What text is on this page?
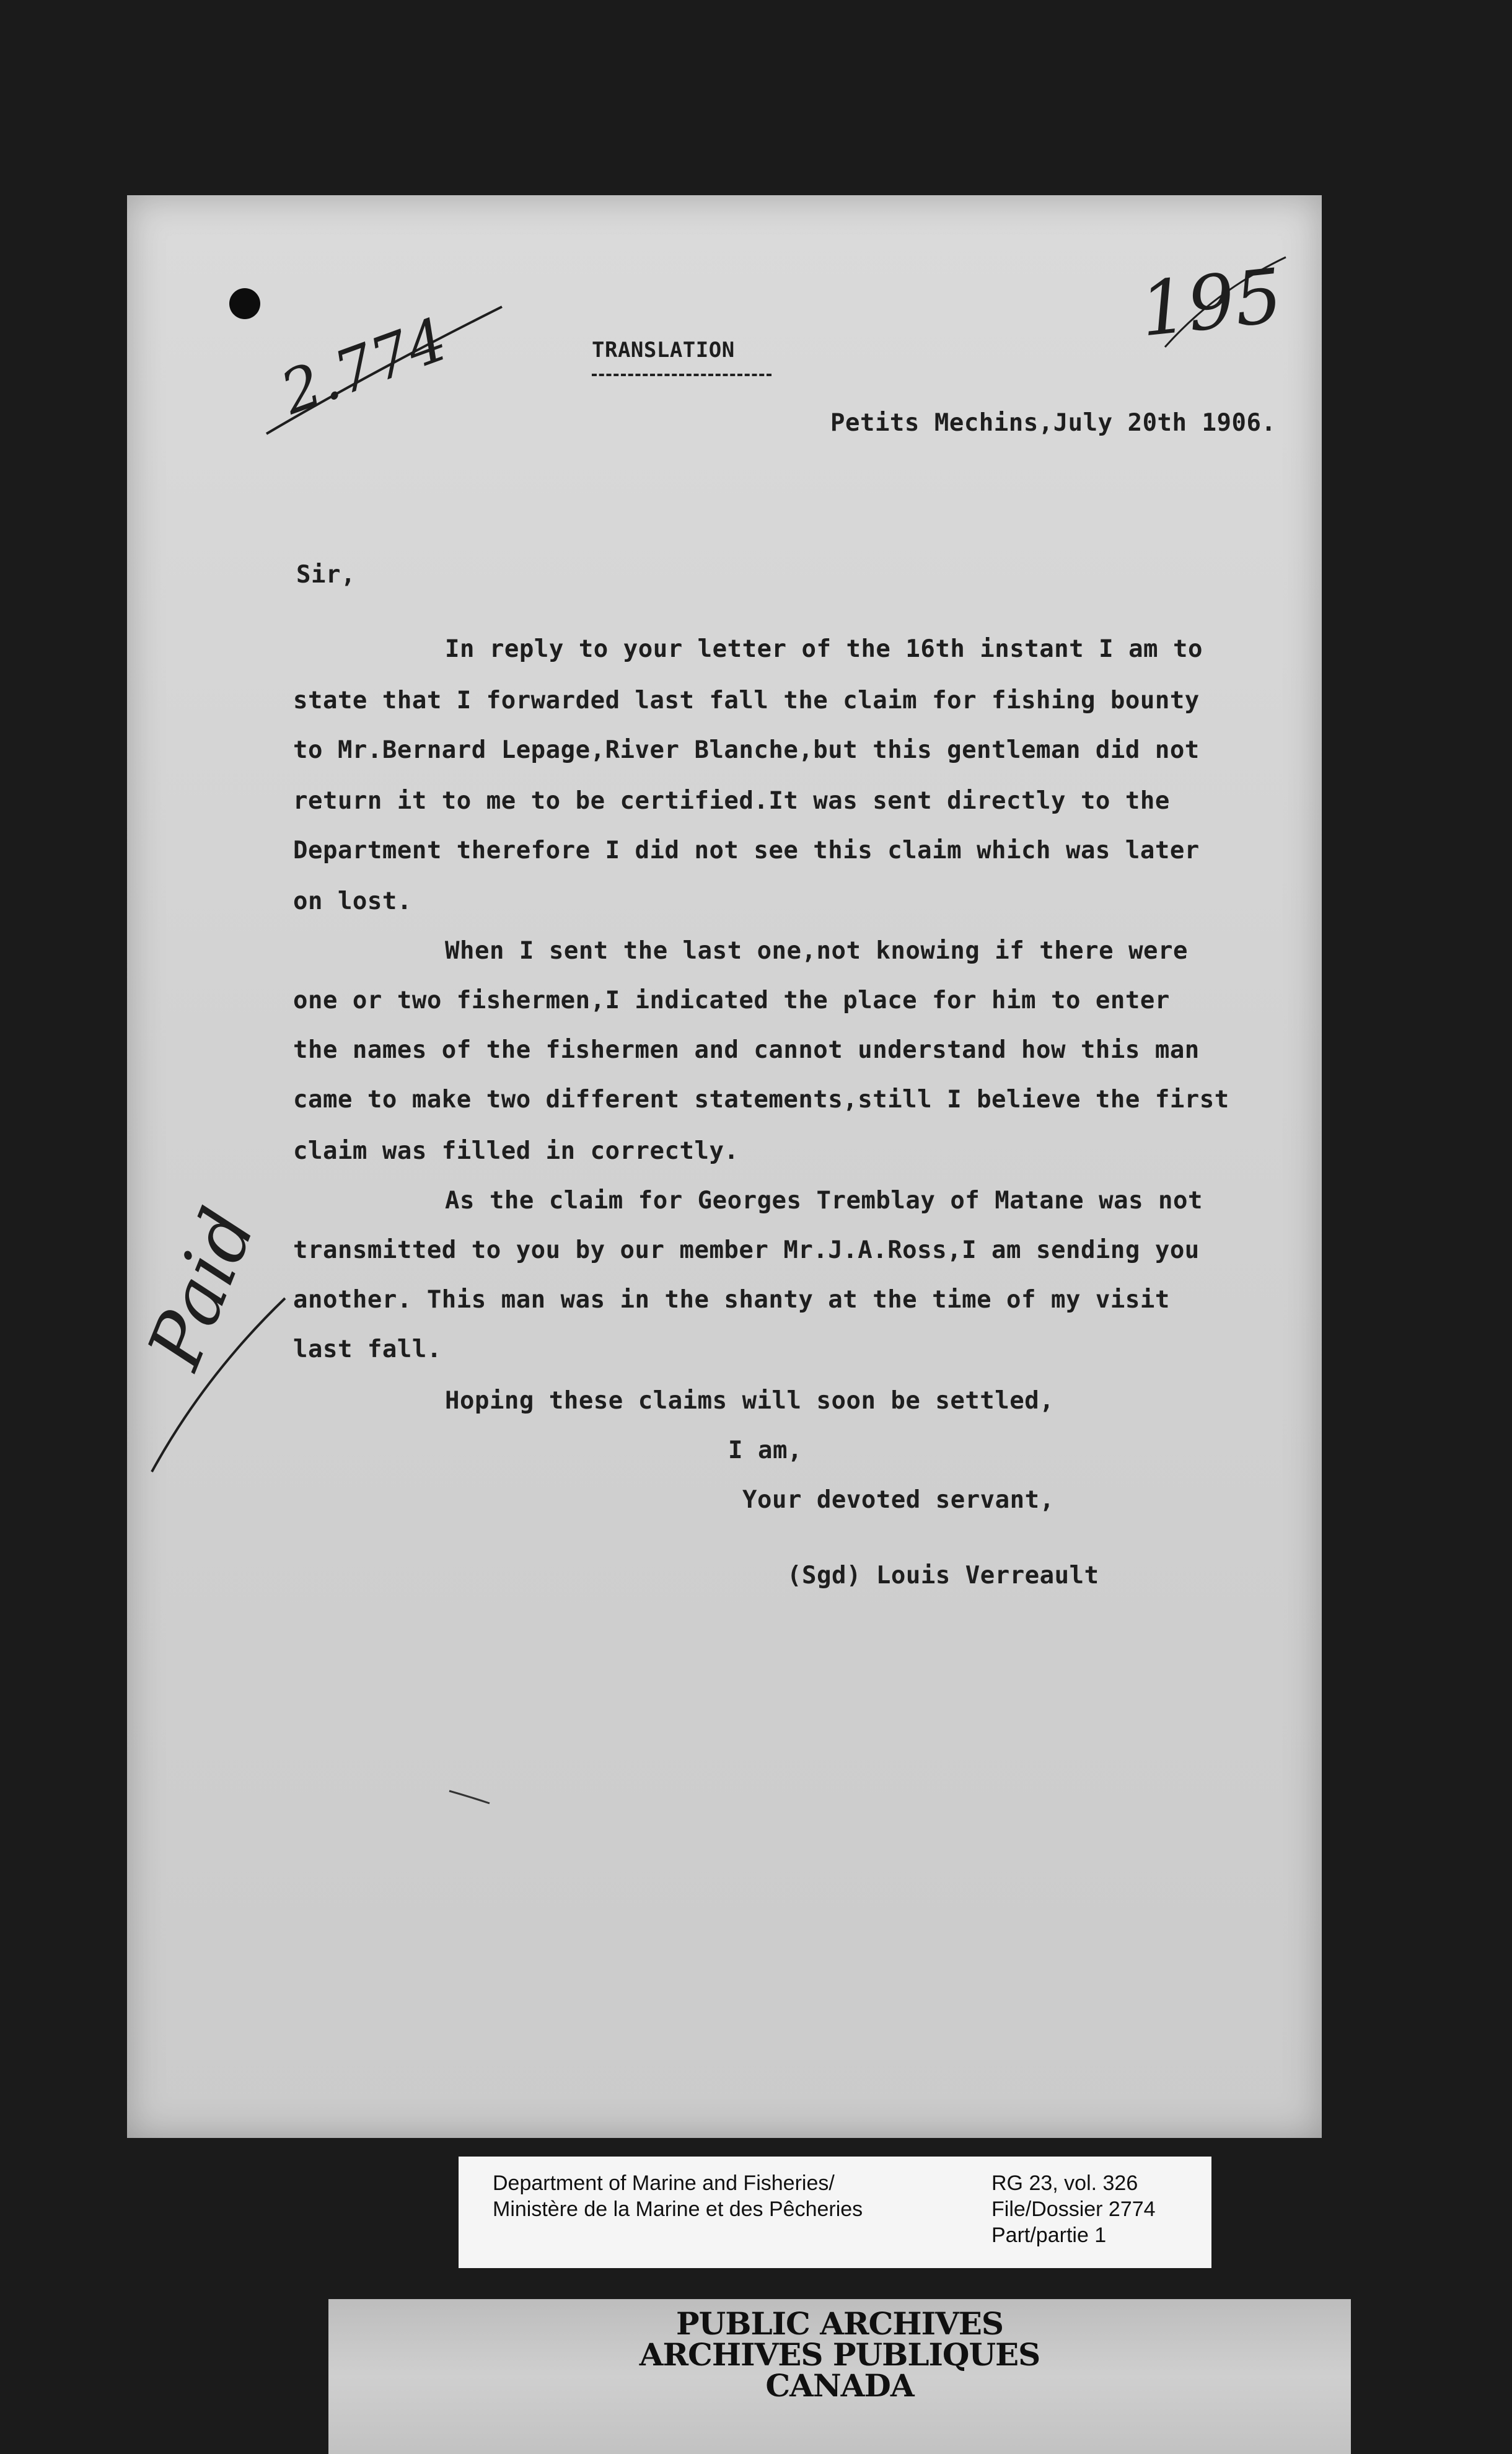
2.774
195
Paid
TRANSLATION
Petits Mechins,July 20th 1906.
Sir,
In reply to your letter of the 16th instant I am to
state that I forwarded last fall the claim for fishing bounty
to Mr.Bernard Lepage,River Blanche,but this gentleman did not
return it to me to be certified.It was sent directly to the
Department therefore I did not see this claim which was later
on lost.
When I sent the last one,not knowing if there were
one or two fishermen,I indicated the place for him to enter
the names of the fishermen and cannot understand how this man
came to make two different statements,still I believe the first
claim was filled in correctly.
As the claim for Georges Tremblay of Matane was not
transmitted to you by our member Mr.J.A.Ross,I am sending you
another. This man was in the shanty at the time of my visit
last fall.
Hoping these claims will soon be settled,
I am,
Your devoted servant,
(Sgd) Louis Verreault
Department of Marine and Fisheries/
Ministère de la Marine et des Pêcheries
RG 23, vol. 326
File/Dossier 2774
Part/partie 1
PUBLIC ARCHIVES
ARCHIVES PUBLIQUES
CANADA
